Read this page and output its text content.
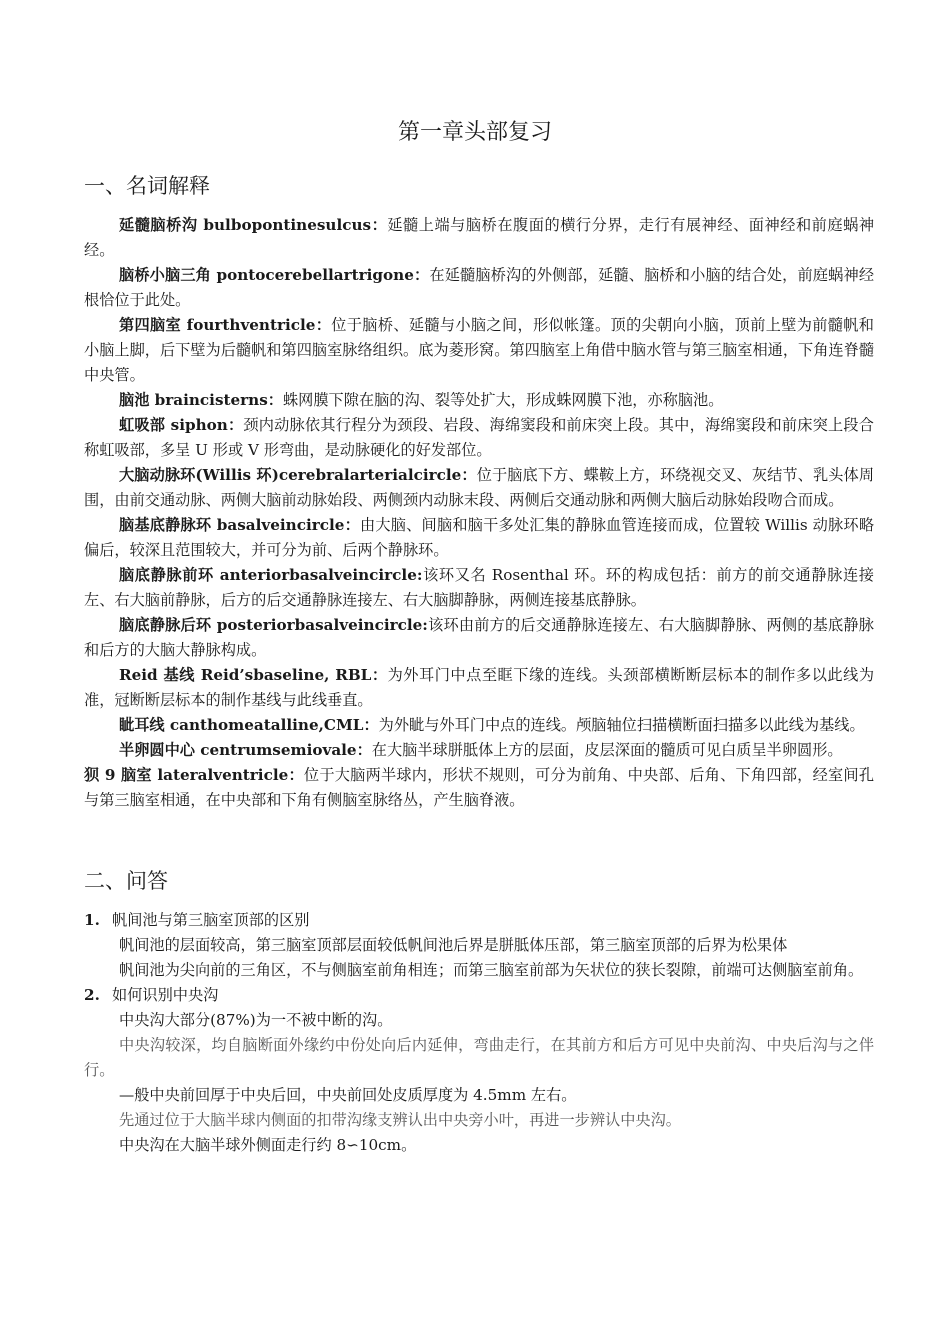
第一章头部复习
一、名词解释

延髓脑桥沟 bulbopontinesulcus：延髓上端与脑桥在腹面的横行分界，走行有展神经、面神经和前庭蜗神经。

脑桥小脑三角 pontocerebellartrigone：在延髓脑桥沟的外侧部，延髓、脑桥和小脑的结合处，前庭蜗神经根恰位于此处。

第四脑室 fourthventricle：位于脑桥、延髓与小脑之间，形似帐篷。顶的尖朝向小脑，顶前上壁为前髓帆和小脑上脚，后下壁为后髓帆和第四脑室脉络组织。底为菱形窝。第四脑室上角借中脑水管与第三脑室相通，下角连脊髓中央管。

脑池 braincisterns：蛛网膜下隙在脑的沟、裂等处扩大，形成蛛网膜下池，亦称脑池。

虹吸部 siphon：颈内动脉依其行程分为颈段、岩段、海绵窦段和前床突上段。其中，海绵窦段和前床突上段合称虹吸部，多呈 U 形或 V 形弯曲，是动脉硬化的好发部位。

大脑动脉环(Willis 环)cerebralarterialcircle：位于脑底下方、蝶鞍上方，环绕视交叉、灰结节、乳头体周围，由前交通动脉、两侧大脑前动脉始段、两侧颈内动脉末段、两侧后交通动脉和两侧大脑后动脉始段吻合而成。

脑基底静脉环 basalveincircle：由大脑、间脑和脑干多处汇集的静脉血管连接而成，位置较 Willis 动脉环略偏后，较深且范围较大，并可分为前、后两个静脉环。

脑底静脉前环 anteriorbasalveincircle:该环又名 Rosenthal 环。环的构成包括：前方的前交通静脉连接左、右大脑前静脉，后方的后交通静脉连接左、右大脑脚静脉，两侧连接基底静脉。

脑底静脉后环 posteriorbasalveincircle:该环由前方的后交通静脉连接左、右大脑脚静脉、两侧的基底静脉和后方的大脑大静脉构成。

Reid 基线 Reid’sbaseline, RBL：为外耳门中点至眶下缘的连线。头颈部横断断层标本的制作多以此线为准，冠断断层标本的制作基线与此线垂直。

眦耳线 canthomeatalline,CML：为外眦与外耳门中点的连线。颅脑轴位扫描横断面扫描多以此线为基线。

半卵圆中心 centrumsemiovale：在大脑半球胼胝体上方的层面，皮层深面的髓质可见白质呈半卵圆形。

狈 9 脑室 lateralventricle：位于大脑两半球内，形状不规则，可分为前角、中央部、后角、下角四部，经室间孔与第三脑室相通，在中央部和下角有侧脑室脉络丛，产生脑脊液。

二、问答
1. 帆间池与第三脑室顶部的区别

帆间池的层面较高，第三脑室顶部层面较低帆间池后界是胼胝体压部，第三脑室顶部的后界为松果体

帆间池为尖向前的三角区，不与侧脑室前角相连；而第三脑室前部为矢状位的狭长裂隙，前端可达侧脑室前角。

2. 如何识别中央沟

中央沟大部分(87%)为一不被中断的沟。

中央沟较深，均自脑断面外缘约中份处向后内延伸，弯曲走行，在其前方和后方可见中央前沟、中央后沟与之伴行。

—般中央前回厚于中央后回，中央前回处皮质厚度为 4.5mm 左右。

先通过位于大脑半球内侧面的扣带沟缘支辨认出中央旁小叶，再进一步辨认中央沟。

中央沟在大脑半球外侧面走行约 8∽10cm。
